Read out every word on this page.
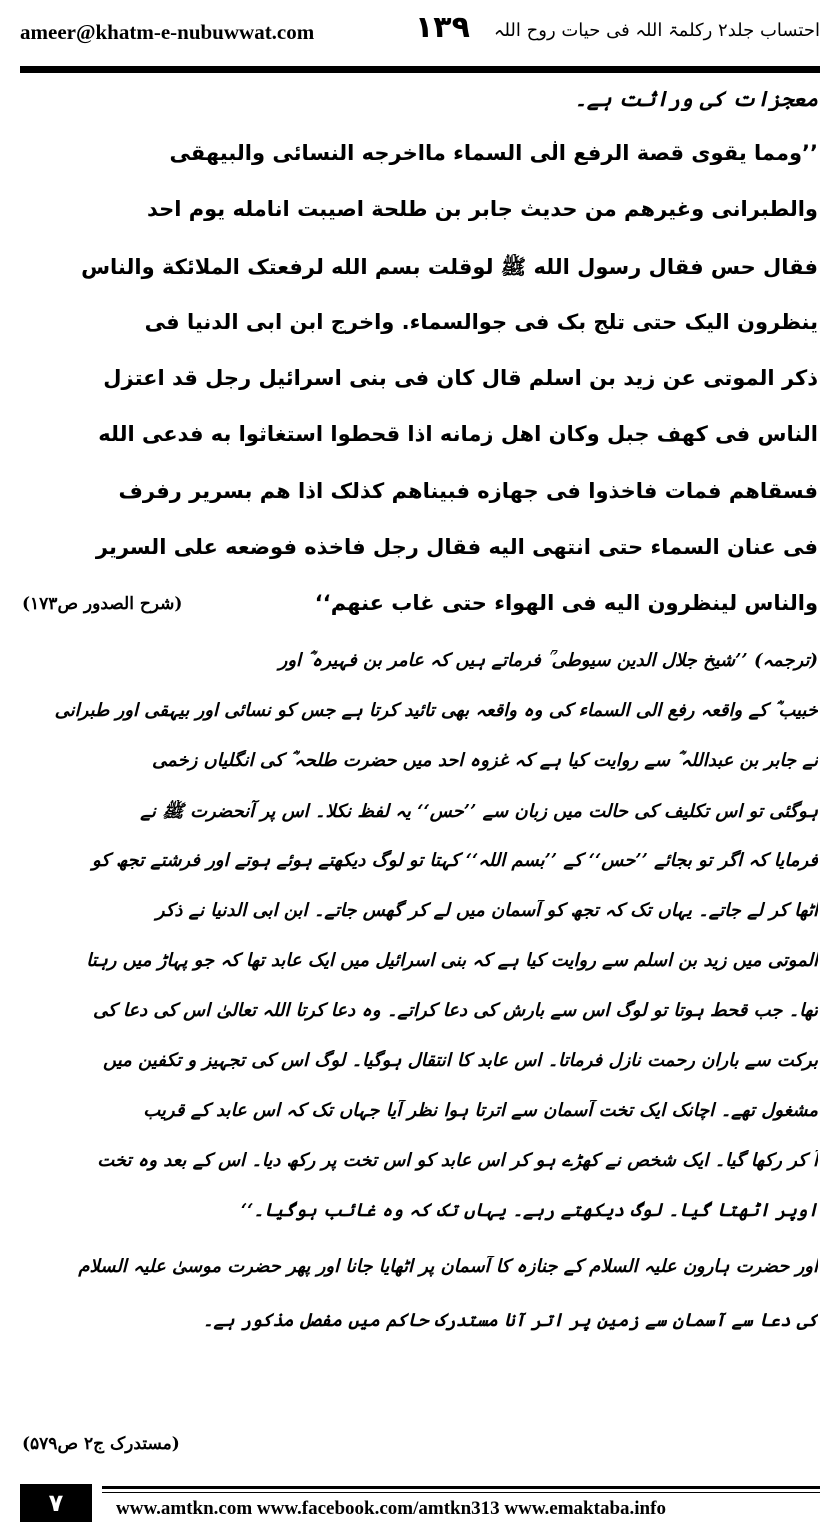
ameer@khatm-e-nubuwwat.com	۱۳۹ احتساب جلد۲ رکلمۃ اللہ فی حیات روح اللہ
معجزات کی وراثت ہے۔
’’ومما یقوی قصة الرفع الٰی السماء مااخرجه النسائی والبیهقی
والطبرانی وغیرهم من حدیث جابر بن طلحة اصیبت انامله یوم احد
فقال حس فقال رسول الله ﷺ لوقلت بسم الله لرفعتک الملائکة والناس
ینظرون الیک حتی تلج بک فی جوالسماء. واخرج ابن ابی الدنیا فی
ذکر الموتی عن زید بن اسلم قال کان فی بنی اسرائیل رجل قد اعتزل
الناس فی کهف جبل وکان اهل زمانه اذا قحطوا استغاثوا به فدعی الله
فسقاهم فمات فاخذوا فی جهازه فبیناهم کذلک اذا هم بسریر رفرف
فی عنان السماء حتی انتهی الیه فقال رجل فاخذه فوضعه علی السریر
والناس لینظرون الیه فی الهواء حتی غاب عنهم‘‘
(شرح الصدور ص۱۷۳)
(ترجمہ) ’’شیخ جلال الدین سیوطی ؒ فرماتے ہیں کہ عامر بن فہیرہ ؓ اور
خبیب ؓ کے واقعہ رفع الی السماء کی وہ واقعہ بھی تائید کرتا ہے جس کو نسائی اور بیہقی اور طبرانی
نے جابر بن عبداللہ ؓ سے روایت کیا ہے کہ غزوہ احد میں حضرت طلحہ ؓ کی انگلیاں زخمی
ہوگئی تو اس تکلیف کی حالت میں زبان سے ’’حس‘‘ یہ لفظ نکلا۔ اس پر آنحضرت ﷺ نے
فرمایا کہ اگر تو بجائے ’’حس‘‘ کے ’’بسم اللہ‘‘ کہتا تو لوگ دیکھتے ہوئے ہوتے اور فرشتے تجھ کو
اٹھا کر لے جاتے۔ یہاں تک کہ تجھ کو آسمان میں لے کر گھس جاتے۔ ابن ابی الدنیا نے ذکر
الموتی میں زید بن اسلم سے روایت کیا ہے کہ بنی اسرائیل میں ایک عابد تھا کہ جو پہاڑ میں رہتا
تھا۔ جب قحط ہوتا تو لوگ اس سے بارش کی دعا کراتے۔ وہ دعا کرتا اللہ تعالیٰ اس کی دعا کی
برکت سے باران رحمت نازل فرماتا۔ اس عابد کا انتقال ہوگیا۔ لوگ اس کی تجہیز و تکفین میں
مشغول تھے۔ اچانک ایک تخت آسمان سے اترتا ہوا نظر آیا جہاں تک کہ اس عابد کے قریب
آ کر رکھا گیا۔ ایک شخص نے کھڑے ہو کر اس عابد کو اس تخت پر رکھ دیا۔ اس کے بعد وہ تخت
اوپر اٹھتا گیا۔ لوگ دیکھتے رہے۔ یہاں تک کہ وہ غائب ہوگیا۔‘‘
اور حضرت ہارون علیہ السلام کے جنازہ کا آسمان پر اٹھایا جانا اور پھر حضرت موسیٰ علیہ السلام
کی دعا سے آسمان سے زمین پر اتر آنا مستدرک حاکم میں مفصل مذکور ہے۔
(مستدرک ج۲ ص۵۷۹)
۷	www.amtkn.com www.facebook.com/amtkn313 www.emaktaba.info
